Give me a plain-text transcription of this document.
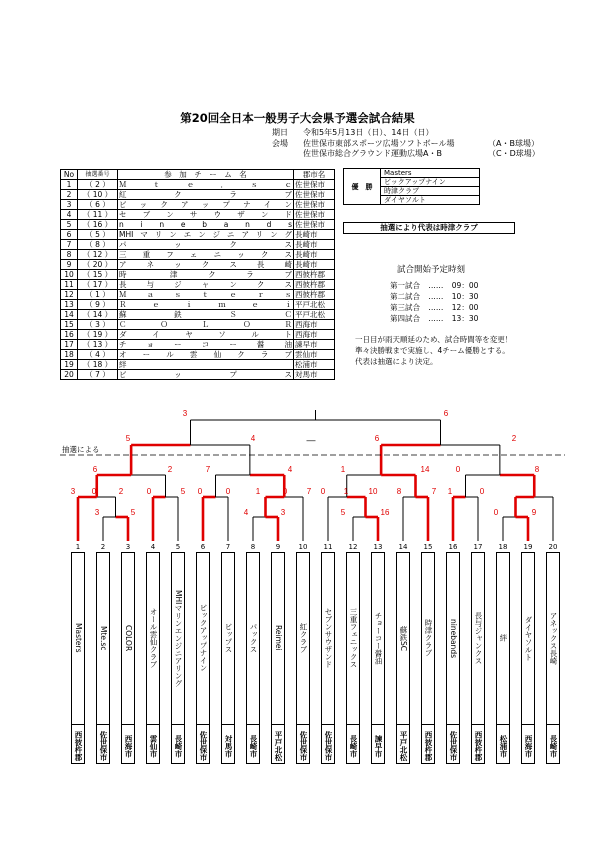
第20回全日本一般男子大会県予選会試合結果
期日 令和5年5月13日（日）、14日（日）
会場 佐世保市東部スポーツ広場ソフトボール場	（A・B球場）
佐世保市総合グラウンド運動広場A・B	（C・D球場）
No	抽選番号	参　加　チ　ー　ム　名	郡市名
1	（ 2 ）	Ｍ　ｔ　ｅ　．　ｓ　ｃ	佐世保市
2	（ 10 ）	紅　　　ク　　　ラ　　　ブ	佐世保市
3	（ 6 ）	ビ ッ ク ア ッ プ ナ イ ン	佐世保市
4	（ 11 ）	セ ブ ン サ ウ ザ ン ド	佐世保市
5	（ 16 ）	n i n e b a n d s	佐世保市
6	（ 5 ）	MHIマリンエンジニアリング	長崎市
7	（ 8 ）	パ　　ッ　　ク　　ス	長崎市
8	（ 12 ）	三 重 フ ェ ニ ッ ク ス	長崎市
9	（ 20 ）	ア ネ ッ ク ス 長 崎	長崎市
10	（ 15 ）	時　　　津　　ク　　ラ　　ブ	西彼杵郡
11	（ 17 ）	長 与 ジ ャ ン ク ス	西彼杵郡
12	（ 1 ）	Ｍ　ａ　ｓ　ｔ　ｅ　ｒ　ｓ	西彼杵郡
13	（ 9 ）	Ｒ　ｅ　ｉ　ｍ　ｅ　ｉ	平戸北松
14	（ 14 ）	蘇　　　鉄　　　Ｓ　　　Ｃ	平戸北松
15	（ 3 ）	Ｃ　Ｏ　Ｌ　Ｏ　Ｒ	西海市
16	（ 19 ）	ダ イ ヤ ソ ル ト	西海市
17	（ 13 ）	チ ョ ー コ ー 醤 油	諫早市
18	（ 4 ）	オ ー ル 雲 仙 ク ラ ブ	雲仙市
19	（ 18 ）	絆	松浦市
20	（ 7 ）	ビ　　ッ　　プ　　ス	対馬市
優　勝	Masters
ビックアップナイン
時津クラブ
ダイヤソルト
抽選により代表は時津クラブ
試合開始予定時刻
第一試合 …… 09：00
第二試合 …… 10：30
第三試合 …… 12：00
第四試合 …… 13：30
一日目が雨天順延のため、試合時間等を変更！
準々決勝戦まで実施し、4チーム優勝とする。
代表は抽選により決定。
抽選による
―
3	5	4	3	5	16	0	9
3 0	2	0	5 0	0	1	0 7 0 1	10 8	7 1	0
6	2	7	4	1	14	0	8
5	4	6	2
3	6
1
Masters
西彼杵郡
2
Mte.sc
佐世保市
3
COLOR
西海市
4
オール雲仙クラブ
雲仙市
5
MHIマリンエンジニアリング
長崎市
6
ビックアップナイン
佐世保市
7
ビップス
対馬市
8
パックス
長崎市
9
Reimei
平戸北松
10
紅クラブ
佐世保市
11
セブンサウザンド
佐世保市
12
三重フェニックス
長崎市
13
チョーコー醤油
諫早市
14
蘇鉄SC
平戸北松
15
時津クラブ
西彼杵郡
16
ninebands
佐世保市
17
長与ジャンクス
西彼杵郡
18
絆
松浦市
19
ダイヤソルト
西海市
20
アネックス長崎
長崎市
